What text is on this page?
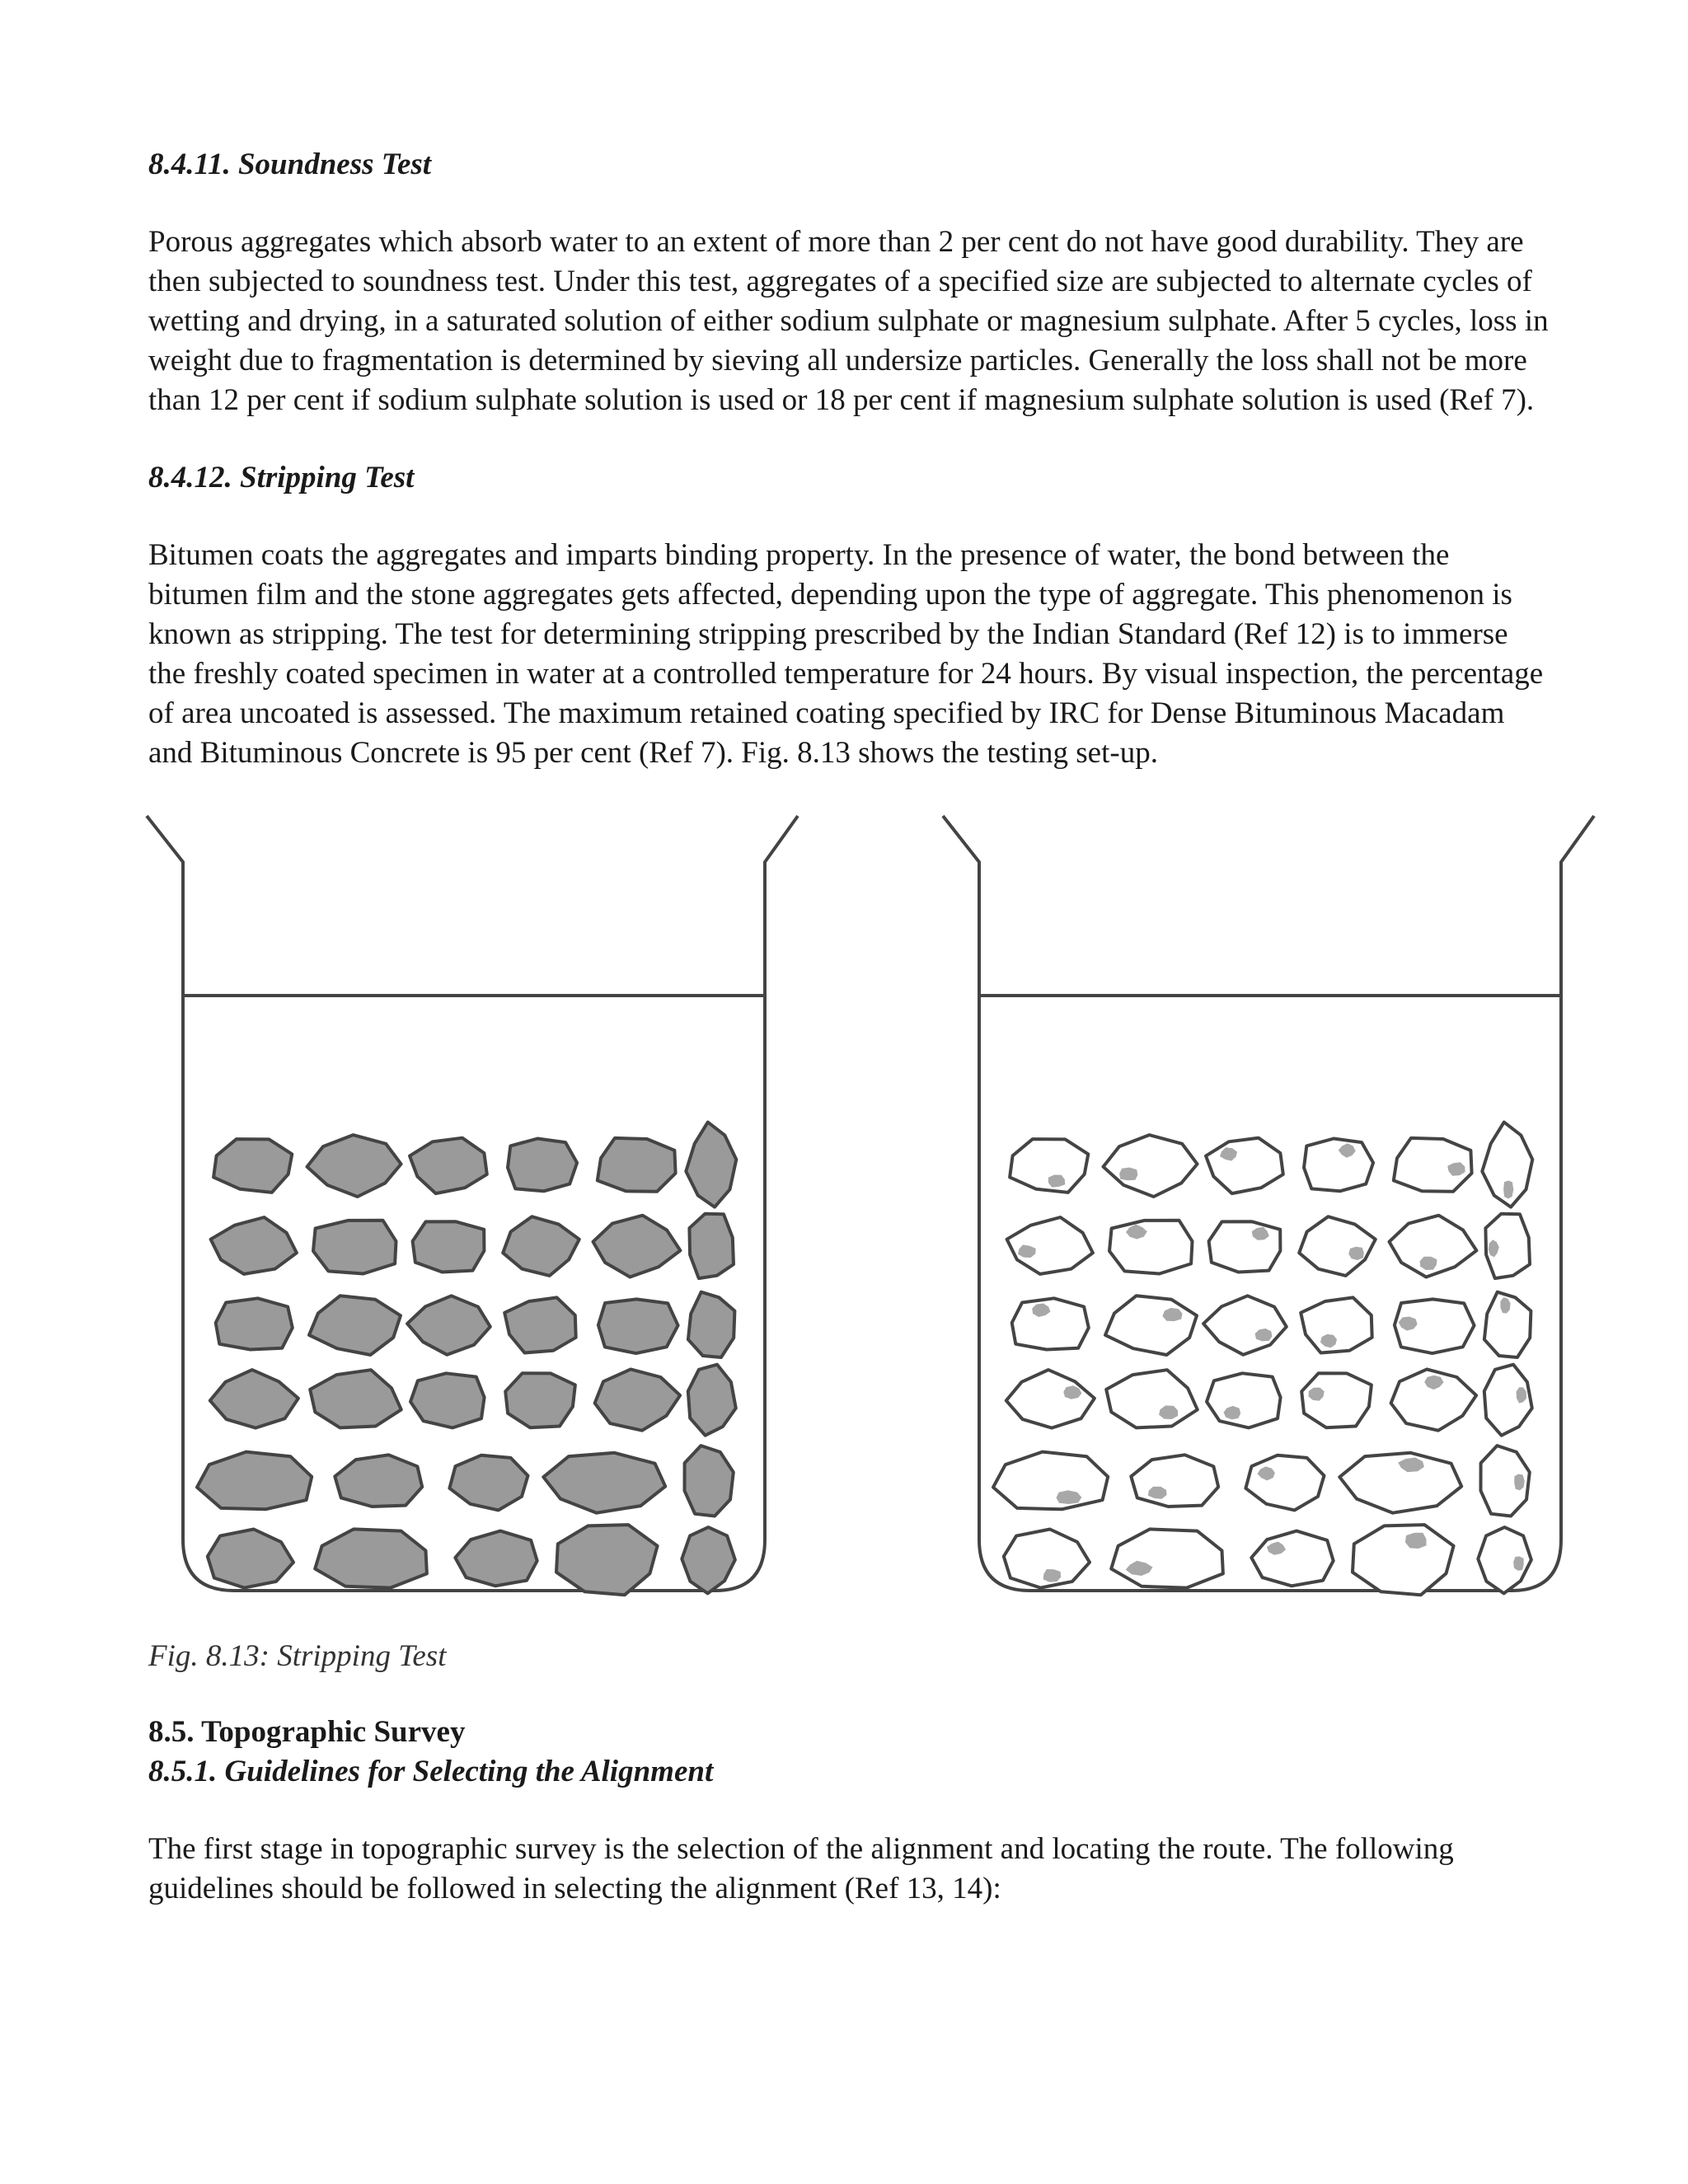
8.4.11. Soundness Test

Porous aggregates which absorb water to an extent of more than 2 per cent do not have good durability. They are then subjected to soundness test. Under this test, aggregates of a specified size are subjected to alternate cycles of wetting and drying, in a saturated solution of either sodium sulphate or magnesium sulphate. After 5 cycles, loss in weight due to fragmentation is determined by sieving all undersize particles. Generally the loss shall not be more than 12 per cent if sodium sulphate solution is used or 18 per cent if magnesium sulphate solution is used (Ref 7).

8.4.12. Stripping Test

Bitumen coats the aggregates and imparts binding property. In the presence of water, the bond between the bitumen film and the stone aggregates gets affected, depending upon the type of aggregate. This phenomenon is known as stripping. The test for determining stripping prescribed by the Indian Standard (Ref 12) is to immerse the freshly coated specimen in water at a controlled temperature for 24 hours. By visual inspection, the percentage of area uncoated is assessed. The maximum retained coating specified by IRC for Dense Bituminous Macadam and Bituminous Concrete is 95 per cent (Ref 7). Fig. 8.13 shows the testing set-up.

Fig. 8.13: Stripping Test

8.5. Topographic Survey

8.5.1. Guidelines for Selecting the Alignment

The first stage in topographic survey is the selection of the alignment and locating the route. The following guidelines should be followed in selecting the alignment (Ref 13, 14):
